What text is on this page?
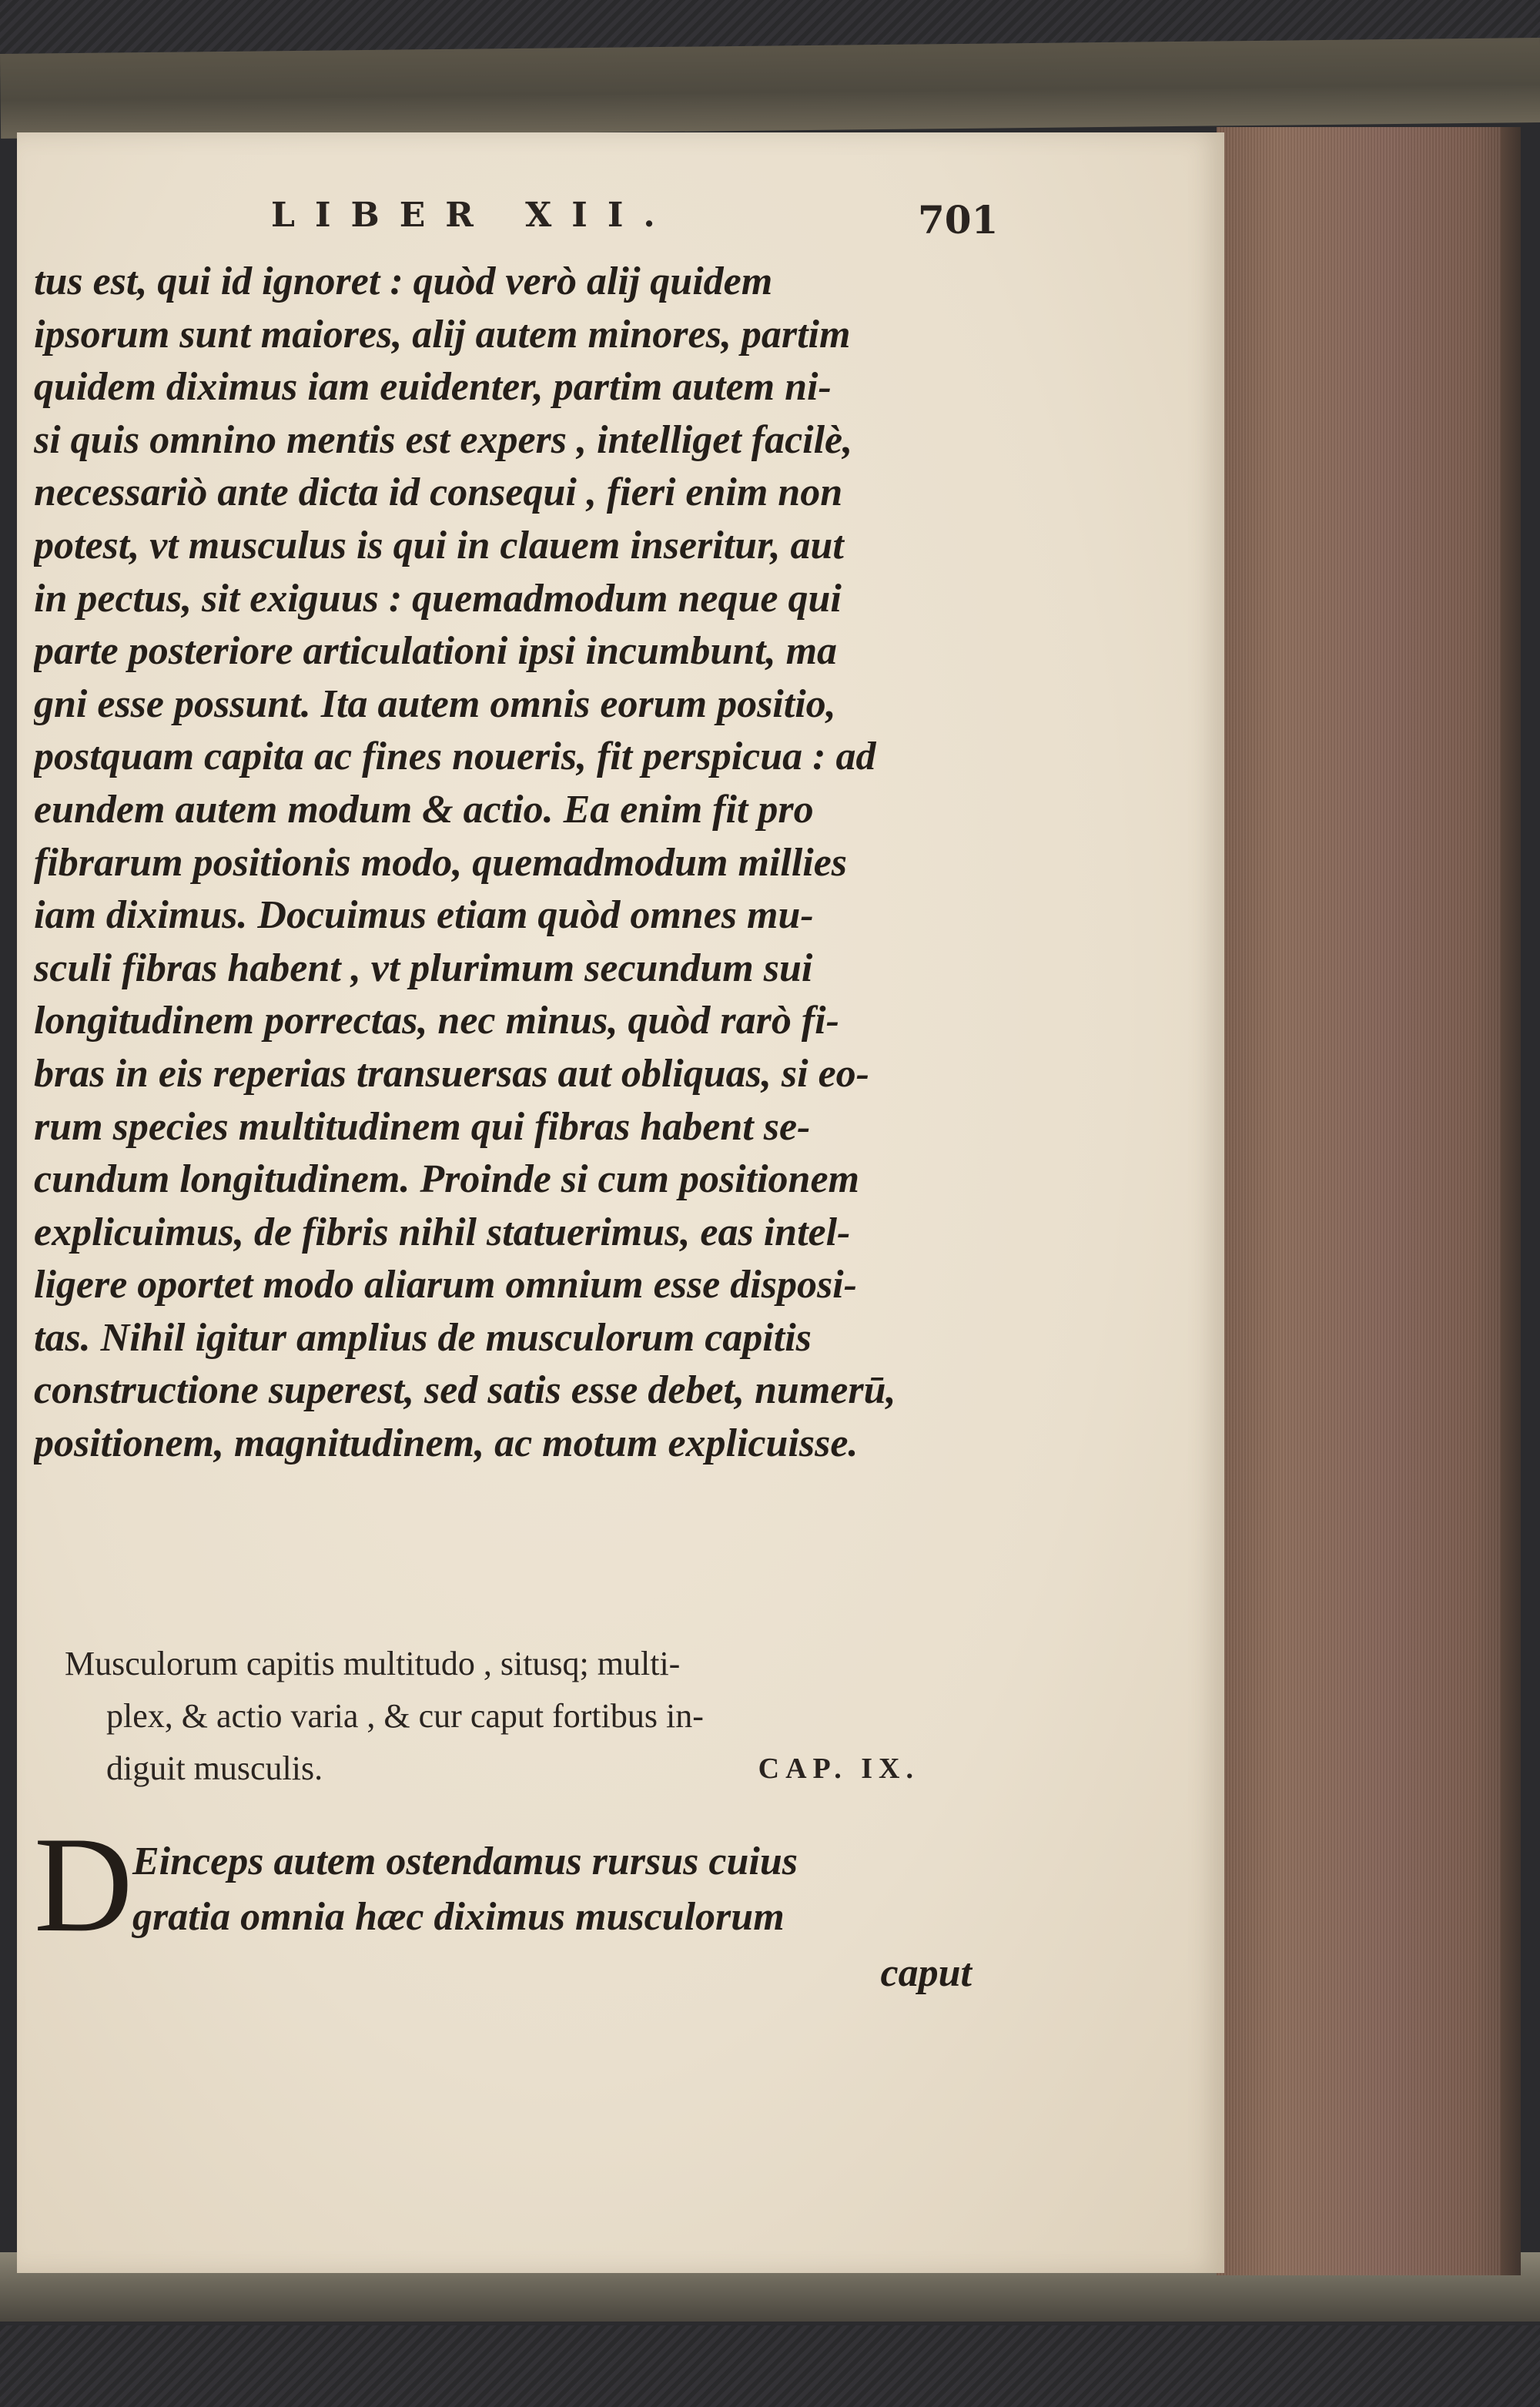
LIBER XII.	701
tus est, qui id ignoret : quòd verò alij quidem
ipsorum sunt maiores, alij autem minores, partim
quidem diximus iam euidenter, partim autem ni-
si quis omnino mentis est expers , intelliget facilè,
necessariò ante dicta id consequi , fieri enim non
potest, vt musculus is qui in clauem inseritur, aut
in pectus, sit exiguus : quemadmodum neque qui
parte posteriore articulationi ipsi incumbunt, ma
gni esse possunt. Ita autem omnis eorum positio,
postquam capita ac fines noueris, fit perspicua : ad
eundem autem modum & actio. Ea enim fit pro
fibrarum positionis modo, quemadmodum millies
iam diximus. Docuimus etiam quòd omnes mu-
sculi fibras habent , vt plurimum secundum sui
longitudinem porrectas, nec minus, quòd rarò fi-
bras in eis reperias transuersas aut obliquas, si eo-
rum species multitudinem qui fibras habent se-
cundum longitudinem. Proinde si cum positionem
explicuimus, de fibris nihil statuerimus, eas intel-
ligere oportet modo aliarum omnium esse disposi-
tas. Nihil igitur amplius de musculorum capitis
constructione superest, sed satis esse debet, numerū,
positionem, magnitudinem, ac motum explicuisse.
Musculorum capitis multitudo , situsq; multi-
plex, & actio varia , & cur caput fortibus in-
diguit musculis.	CAP. IX.
D Einceps autem ostendamus rursus cuius
gratia omnia hæc diximus musculorum
caput
